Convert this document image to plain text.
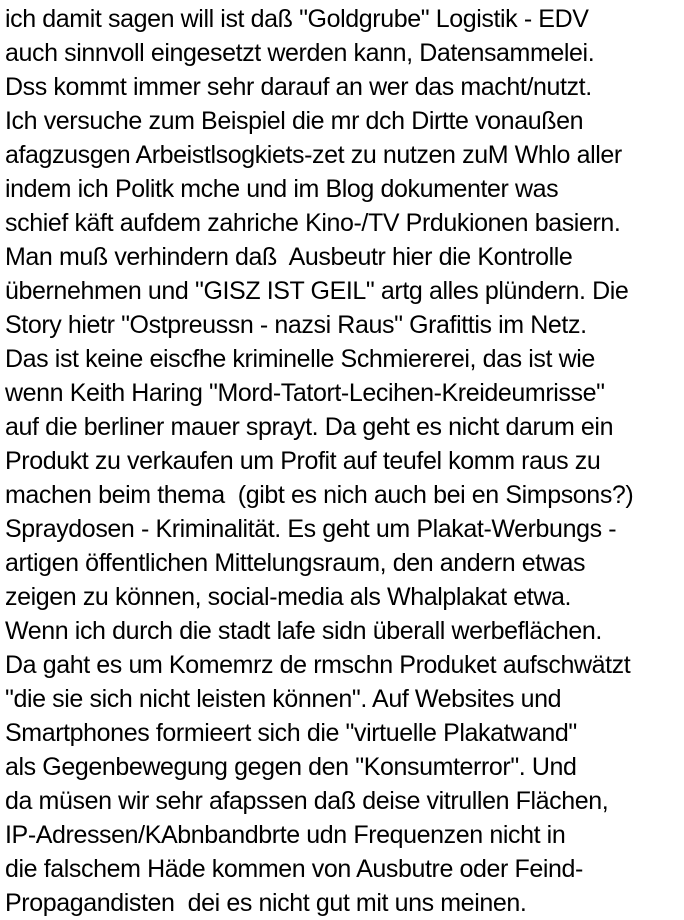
ich damit sagen will ist daß "Goldgrube" Logistik - EDV
auch sinnvoll eingesetzt werden kann, Datensammelei.
Dss kommt immer sehr darauf an wer das macht/nutzt.
Ich versuche zum Beispiel die mr dch Dirtte vonaußen
afagzusgen Arbeistlsogkiets-zet zu nutzen zuM Whlo aller
indem ich Politk mche und im Blog dokumenter was
schief käft aufdem zahriche Kino-/TV Prdukionen basiern.
Man muß verhindern daß  Ausbeutr hier die Kontrolle
übernehmen und "GISZ IST GEIL" artg alles plündern. Die
Story hietr "Ostpreussn - nazsi Raus" Grafittis im Netz.
Das ist keine eiscfhe kriminelle Schmiererei, das ist wie
wenn Keith Haring "Mord-Tatort-Lecihen-Kreideumrisse"
auf die berliner mauer sprayt. Da geht es nicht darum ein
Produkt zu verkaufen um Profit auf teufel komm raus zu
machen beim thema  (gibt es nich auch bei en Simpsons?)
Spraydosen - Kriminalität. Es geht um Plakat-Werbungs -
artigen öffentlichen Mittelungsraum, den andern etwas
zeigen zu können, social-media als Whalplakat etwa.
Wenn ich durch die stadt lafe sidn überall werbeflächen.
Da gaht es um Komemrz de rmschn Produket aufschwätzt
"die sie sich nicht leisten können". Auf Websites und
Smartphones formieert sich die "virtuelle Plakatwand"
als Gegenbewegung gegen den "Konsumterror". Und
da müsen wir sehr afapssen daß deise vitrullen Flächen,
IP-Adressen/KAbnbandbrte udn Frequenzen nicht in
die falschem Häde kommen von Ausbutre oder Feind-
Propagandisten  dei es nicht gut mit uns meinen.
